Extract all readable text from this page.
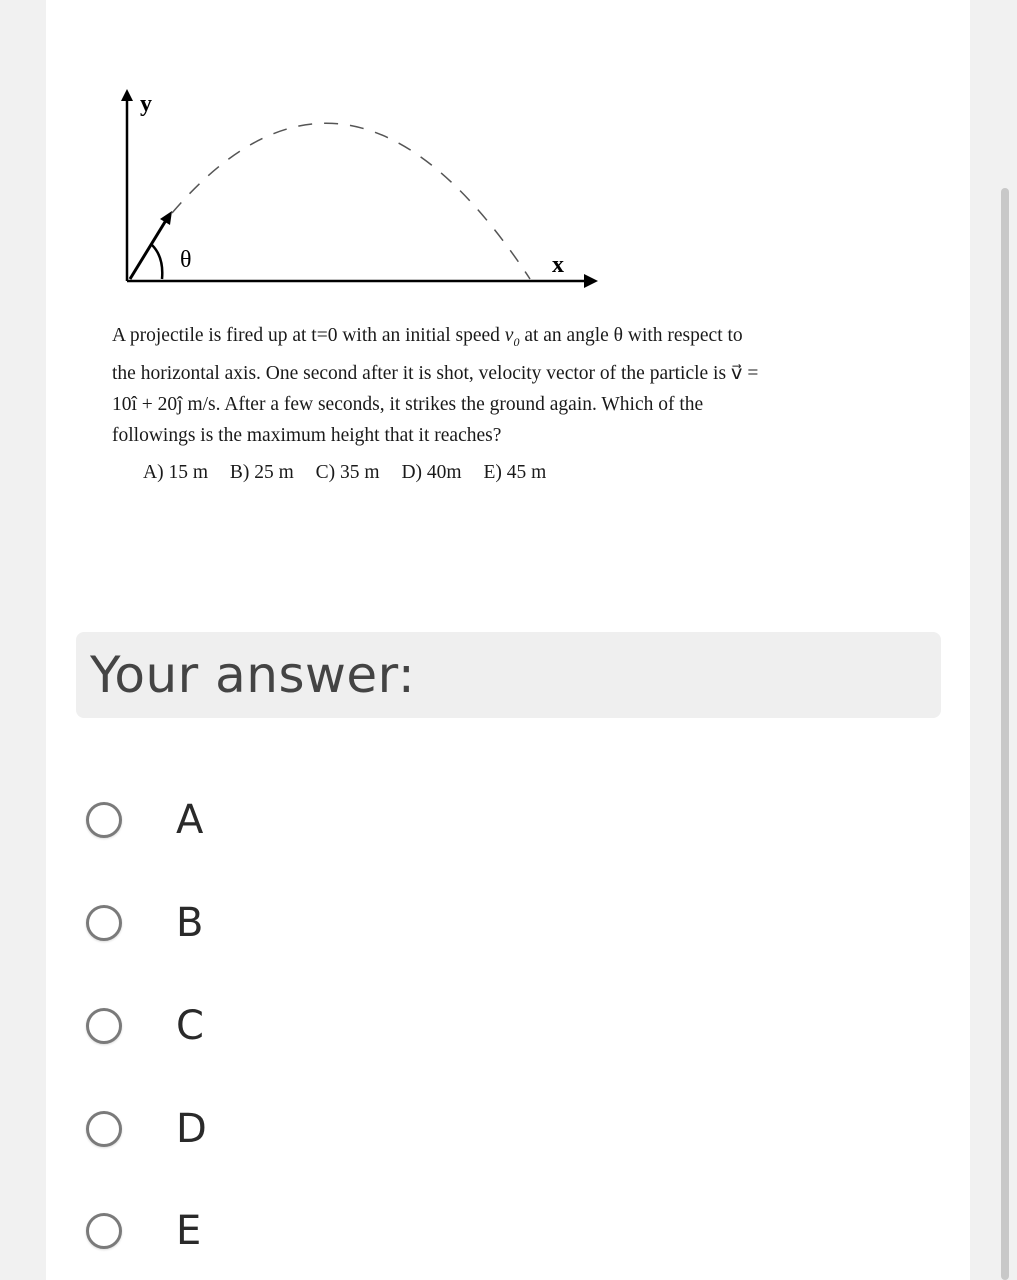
y
x
θ
A projectile is fired up at t=0 with an initial speed $v_0$ at an angle θ with respect to
the horizontal axis. One second after it is shot, velocity vector of the particle is v⃗ =
10î + 20ĵ m/s. After a few seconds, it strikes the ground again. Which of the
followings is the maximum height that it reaches?
A) 15 m B) 25 m C) 35 m D) 40m E) 45 m
Your answer:
A
B
C
D
E
